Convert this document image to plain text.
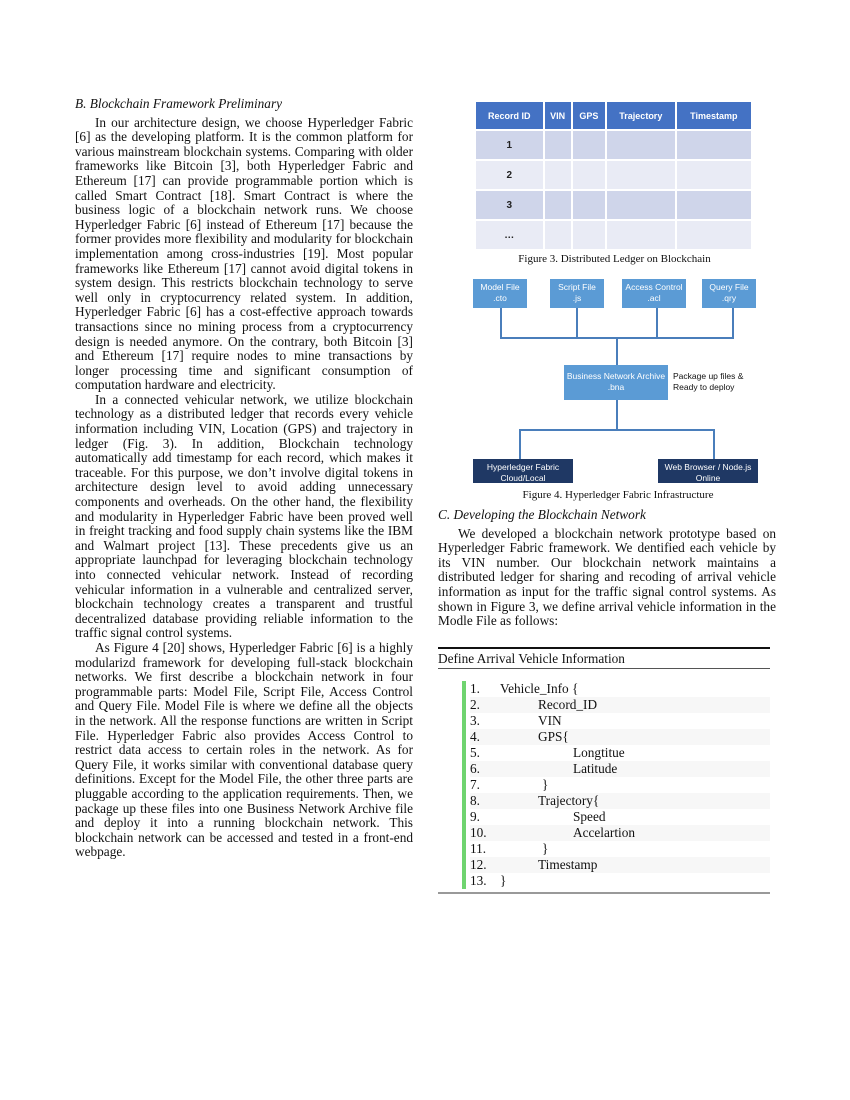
B. Blockchain Framework Preliminary

In our architecture design, we choose Hyperledger Fabric [6] as the developing platform. It is the common platform for various mainstream blockchain systems. Comparing with older frameworks like Bitcoin [3], both Hyperledger Fabric and Ethereum [17] can provide programmable portion which is called Smart Contract [18]. Smart Contract is where the business logic of a blockchain network runs. We choose Hyperledger Fabric [6] instead of Ethereum [17] because the former provides more flexibility and modularity for blockchain implementation among cross-industries [19]. Most popular frameworks like Ethereum [17] cannot avoid digital tokens in system design. This restricts blockchain technology to serve well only in cryptocurrency related system. In addition, Hyperledger Fabric [6] has a cost-effective approach towards transactions since no mining process from a cryptocurrency design is needed anymore. On the contrary, both Bitcoin [3] and Ethereum [17] require nodes to mine transactions by longer processing time and significant consumption of computation hardware and electricity.

In a connected vehicular network, we utilize blockchain technology as a distributed ledger that records every vehicle information including VIN, Location (GPS) and trajectory in ledger (Fig. 3). In addition, Blockchain technology automatically add timestamp for each record, which makes it traceable. For this purpose, we don’t involve digital tokens in architecture design level to avoid adding unnecessary components and overheads. On the other hand, the flexibility and modularity in Hyperledger Fabric have been proved well in freight tracking and food supply chain systems like the IBM and Walmart project [13]. These precedents give us an appropriate launchpad for leveraging blockchain technology into connected vehicular network. Instead of recording vehicular information in a vulnerable and centralized server, blockchain technology creates a transparent and trustful decentralized database providing reliable information to the traffic signal control systems.

As Figure 4 [20] shows, Hyperledger Fabric [6] is a highly modularizd framework for developing full-stack blockchain networks. We first describe a blockchain network in four programmable parts: Model File, Script File, Access Control and Query File. Model File is where we define all the objects in the network. All the response functions are written in Script File. Hyperledger Fabric also provides Access Control to restrict data access to certain roles in the network. As for Query File, it works similar with conventional database query definitions. Except for the Model File, the other three parts are pluggable according to the application requirements. Then, we package up these files into one Business Network Archive file and deploy it into a running blockchain network. This blockchain network can be accessed and tested in a front-end webpage.

Record ID	VIN	GPS	Trajectory	Timestamp
1				
2				
3				
…				
Figure 3. Distributed Ledger on Blockchain
Model File
.cto
Script File
.js
Access Control
.acl
Query File
.qry
Business Network Archive
.bna
Package up files &
Ready to deploy
Hyperledger Fabric
Cloud/Local
Web Browser / Node.js
Online
Figure 4. Hyperledger Fabric Infrastructure
C. Developing the Blockchain Network

We developed a blockchain network prototype based on Hyperledger Fabric framework. We dentified each vehicle by its VIN number. Our blockchain network maintains a distributed ledger for sharing and recoding of arrival vehicle information as input for the traffic signal control systems. As shown in Figure 3, we define arrival vehicle information in the Modle File as follows:

Define Arrival Vehicle Information
1.	Vehicle_Info {
2.	Record_ID
3.	VIN
4.	GPS{
5.	Longtitue
6.	Latitude
7.	}
8.	Trajectory{
9.	Speed
10.	Accelartion
11.	}
12.	Timestamp
13.	}
